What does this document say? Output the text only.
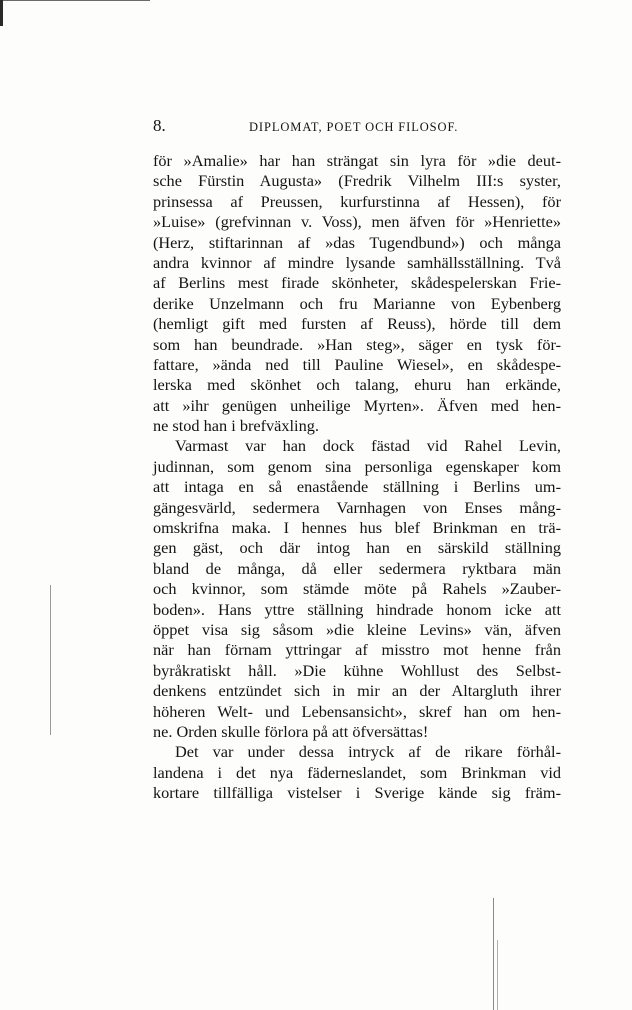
8.	DIPLOMAT, POET OCH FILOSOF.
för »Amalie» har han strängat sin lyra för »die deut-
sche Fürstin Augusta» (Fredrik Vilhelm III:s syster,
prinsessa af Preussen, kurfurstinna af Hessen), för
»Luise» (grefvinnan v. Voss), men äfven för »Henriette»
(Herz, stiftarinnan af »das Tugendbund») och många
andra kvinnor af mindre lysande samhällsställning. Två
af Berlins mest firade skönheter, skådespelerskan Frie-
derike Unzelmann och fru Marianne von Eybenberg
(hemligt gift med fursten af Reuss), hörde till dem
som han beundrade. »Han steg», säger en tysk för-
fattare, »ända ned till Pauline Wiesel», en skådespe-
lerska med skönhet och talang, ehuru han erkände,
att »ihr genügen unheilige Myrten». Äfven med hen-
ne stod han i brefväxling.
Varmast var han dock fästad vid Rahel Levin,
judinnan, som genom sina personliga egenskaper kom
att intaga en så enastående ställning i Berlins um-
gängesvärld, sedermera Varnhagen von Enses mång-
omskrifna maka. I hennes hus blef Brinkman en trä-
gen gäst, och där intog han en särskild ställning
bland de många, då eller sedermera ryktbara män
och kvinnor, som stämde möte på Rahels »Zauber-
boden». Hans yttre ställning hindrade honom icke att
öppet visa sig såsom »die kleine Levins» vän, äfven
när han förnam yttringar af misstro mot henne från
byråkratiskt håll. »Die kühne Wohllust des Selbst-
denkens entzündet sich in mir an der Altargluth ihrer
höheren Welt- und Lebensansicht», skref han om hen-
ne. Orden skulle förlora på att öfversättas!
Det var under dessa intryck af de rikare förhål-
landena i det nya fäderneslandet, som Brinkman vid
kortare tillfälliga vistelser i Sverige kände sig främ-
